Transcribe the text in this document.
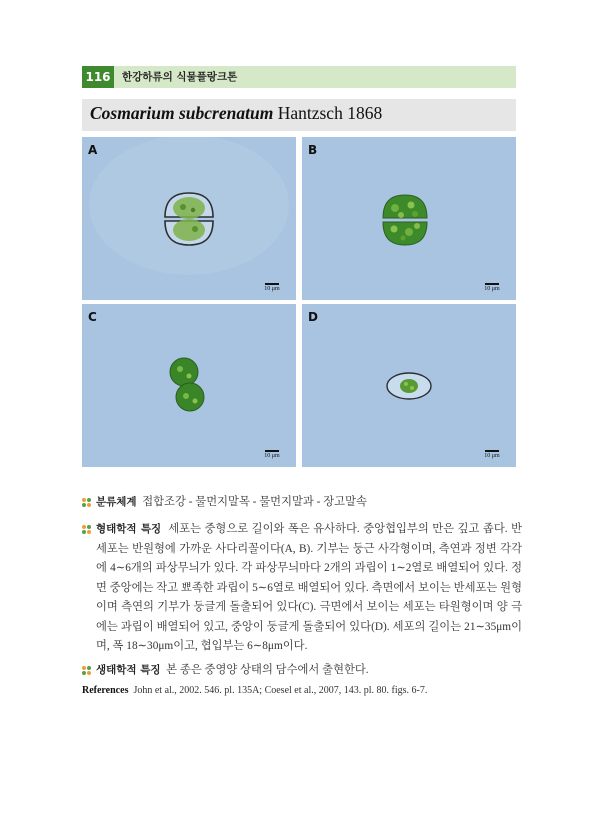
116	한강하류의 식물플랑크톤
Cosmarium subcrenatum Hantzsch 1868
A
10 μm
B
10 μm
C
10 μm
D
10 μm
분류체계 접합조강 - 물먼지말목 - 물먼지말과 - 장고말속
형태학적 특징 세포는 중형으로 길이와 폭은 유사하다. 중앙협입부의 만은 깊고 좁다. 반세포는 반원형에 가까운 사다리꼴이다(A, B). 기부는 둥근 사각형이며, 측연과 정변 각각에 4∼6개의 파상무늬가 있다. 각 파상무늬마다 2개의 과립이 1∼2열로 배열되어 있다. 정면 중앙에는 작고 뾰족한 과립이 5∼6열로 배열되어 있다. 측면에서 보이는 반세포는 원형이며 측연의 기부가 둥글게 돌출되어 있다(C). 극면에서 보이는 세포는 타원형이며 양 극에는 과립이 배열되어 있고, 중앙이 둥글게 돌출되어 있다(D). 세포의 길이는 21∼35μm이며, 폭 18∼30μm이고, 협입부는 6∼8μm이다.
생태학적 특징 본 종은 중영양 상태의 담수에서 출현한다.
References John et al., 2002. 546. pl. 135A; Coesel et al., 2007, 143. pl. 80. figs. 6-7.
